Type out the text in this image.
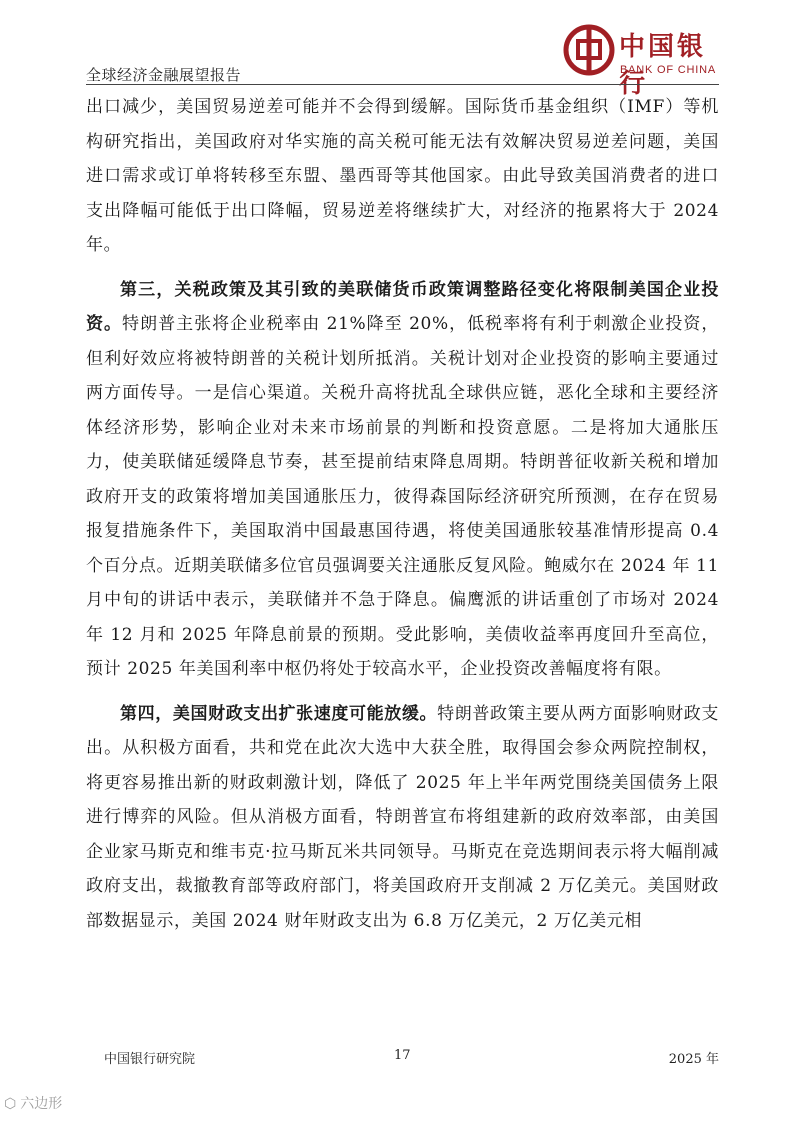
全球经济金融展望报告
中国银行
BANK OF CHINA

出口减少，美国贸易逆差可能并不会得到缓解。国际货币基金组织（IMF）等机构研究指出，美国政府对华实施的高关税可能无法有效解决贸易逆差问题，美国进口需求或订单将转移至东盟、墨西哥等其他国家。由此导致美国消费者的进口支出降幅可能低于出口降幅，贸易逆差将继续扩大，对经济的拖累将大于 2024 年。

第三，关税政策及其引致的美联储货币政策调整路径变化将限制美国企业投资。特朗普主张将企业税率由 21%降至 20%，低税率将有利于刺激企业投资，但利好效应将被特朗普的关税计划所抵消。关税计划对企业投资的影响主要通过两方面传导。一是信心渠道。关税升高将扰乱全球供应链，恶化全球和主要经济体经济形势，影响企业对未来市场前景的判断和投资意愿。二是将加大通胀压力，使美联储延缓降息节奏，甚至提前结束降息周期。特朗普征收新关税和增加政府开支的政策将增加美国通胀压力，彼得森国际经济研究所预测，在存在贸易报复措施条件下，美国取消中国最惠国待遇，将使美国通胀较基准情形提高 0.4 个百分点。近期美联储多位官员强调要关注通胀反复风险。鲍威尔在 2024 年 11 月中旬的讲话中表示，美联储并不急于降息。偏鹰派的讲话重创了市场对 2024 年 12 月和 2025 年降息前景的预期。受此影响，美债收益率再度回升至高位，预计 2025 年美国利率中枢仍将处于较高水平，企业投资改善幅度将有限。

第四，美国财政支出扩张速度可能放缓。特朗普政策主要从两方面影响财政支出。从积极方面看，共和党在此次大选中大获全胜，取得国会参众两院控制权，将更容易推出新的财政刺激计划，降低了 2025 年上半年两党围绕美国债务上限进行博弈的风险。但从消极方面看，特朗普宣布将组建新的政府效率部，由美国企业家马斯克和维韦克·拉马斯瓦米共同领导。马斯克在竞选期间表示将大幅削减政府支出，裁撤教育部等政府部门，将美国政府开支削减 2 万亿美元。美国财政部数据显示，美国 2024 财年财政支出为 6.8 万亿美元，2 万亿美元相

中国银行研究院	17	2025 年
⬡ 六边形
